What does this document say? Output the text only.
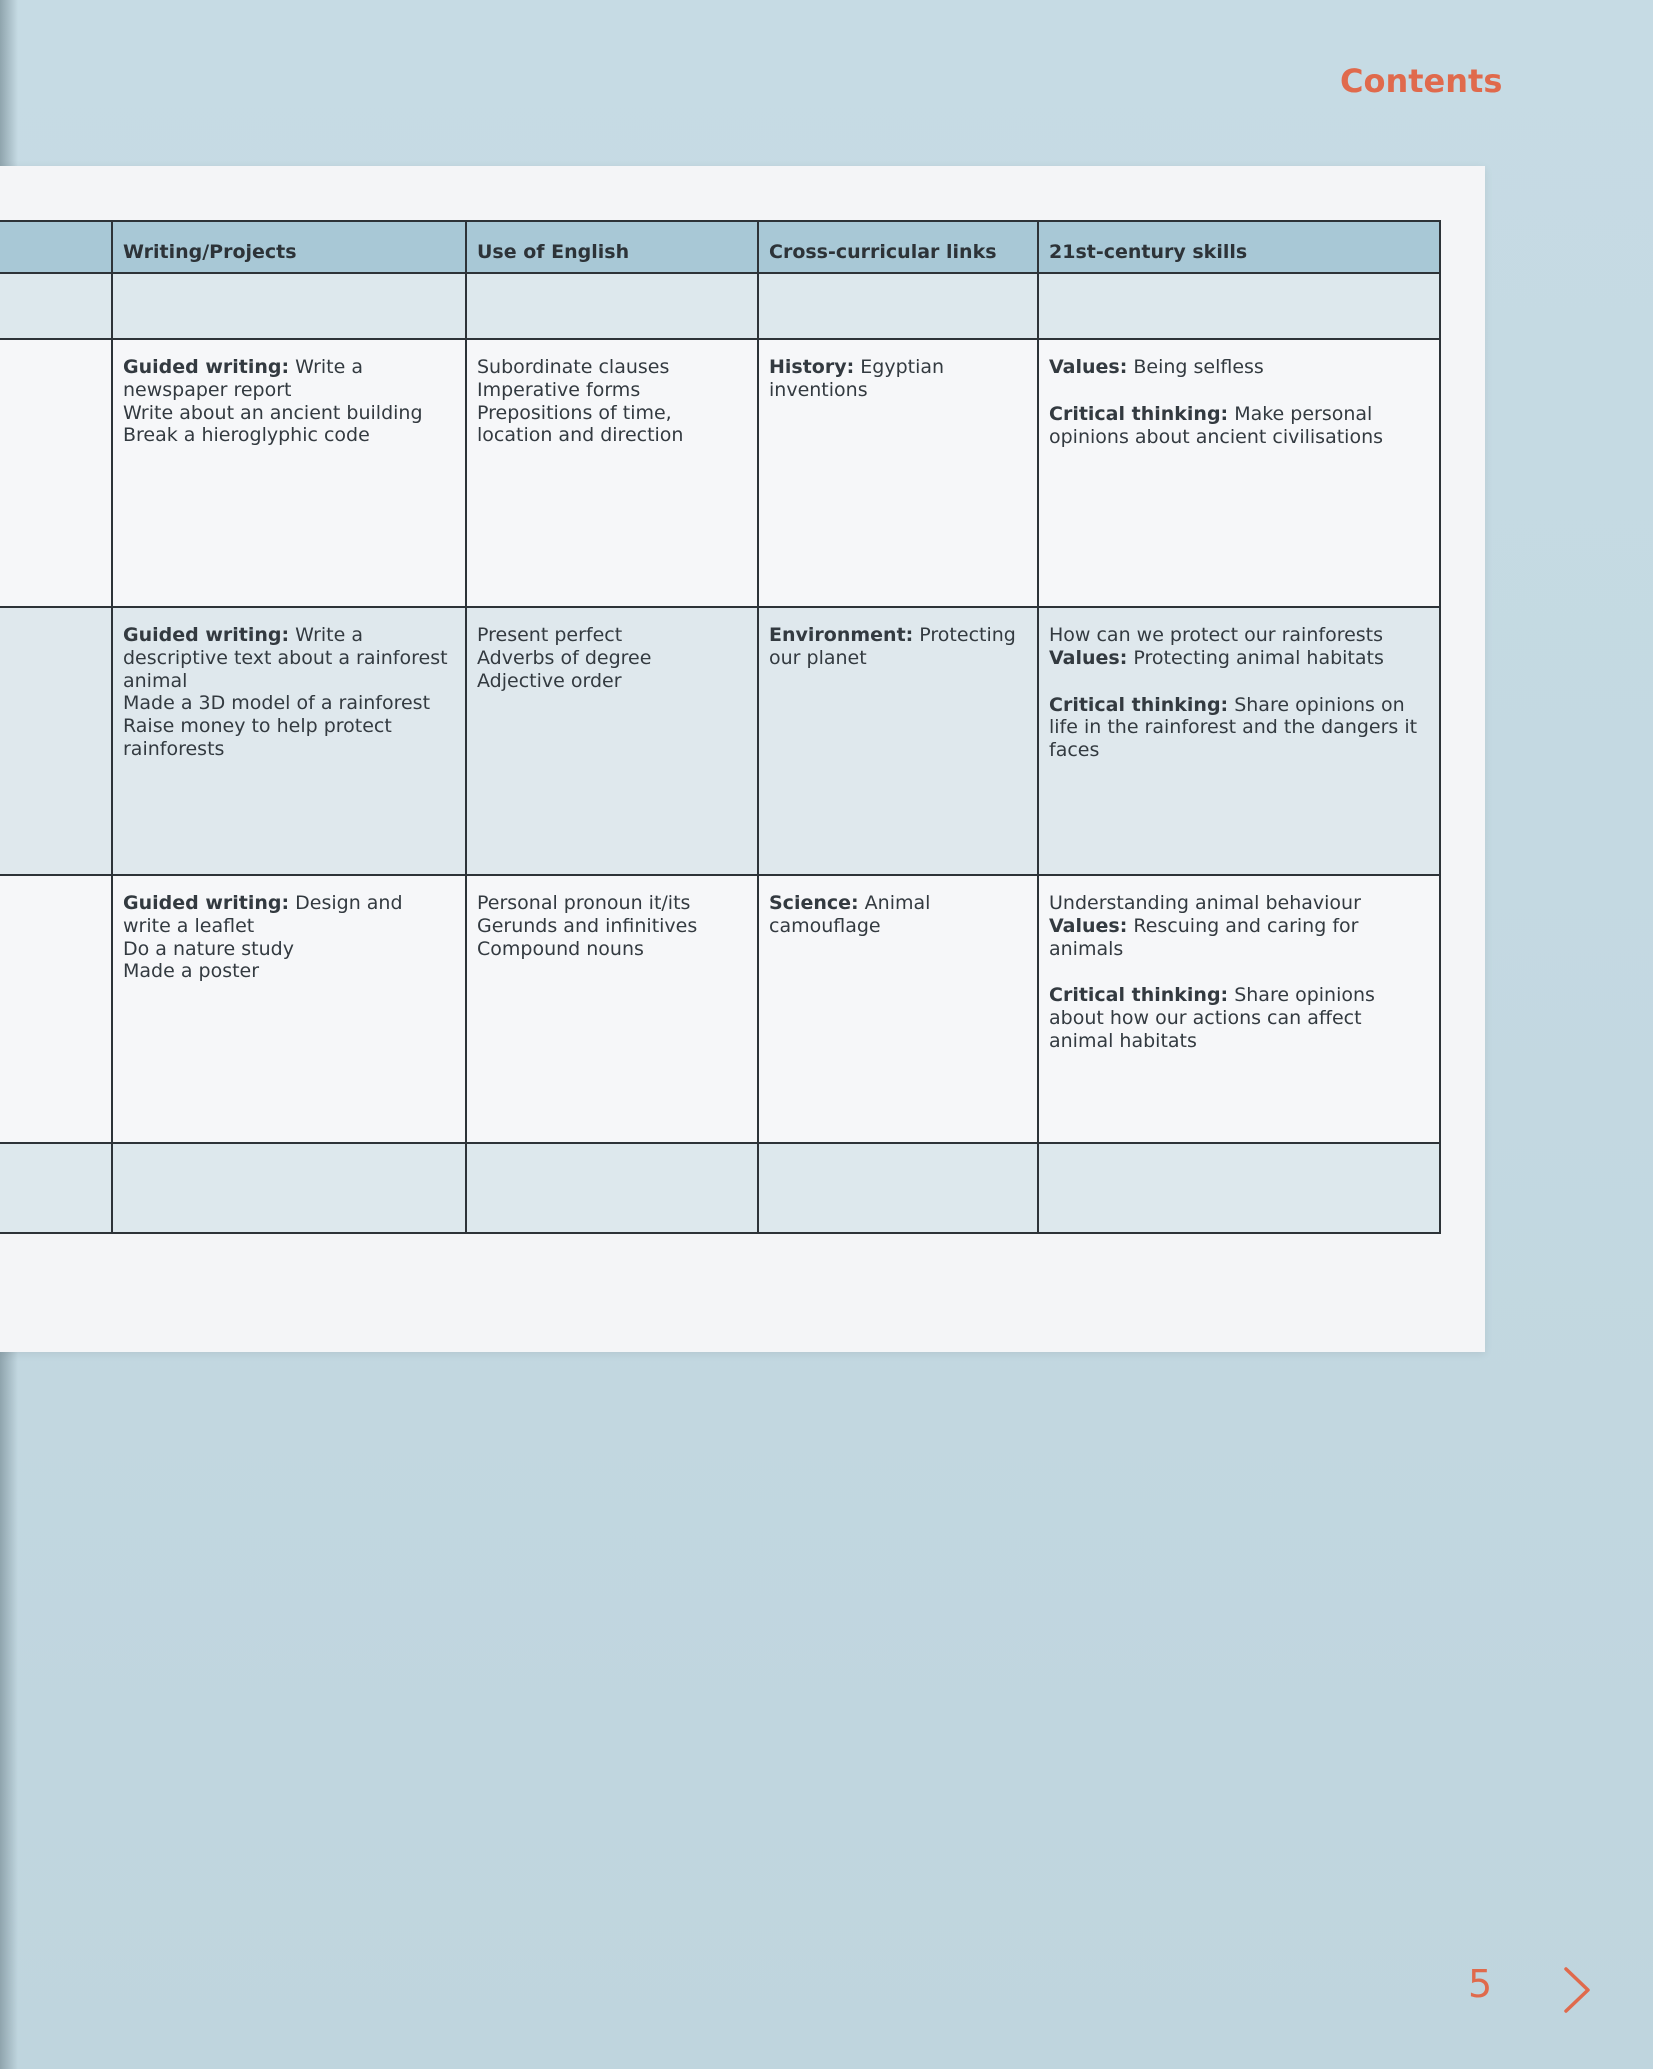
Contents
	Writing/Projects	Use of English	Cross-curricular links	21st-century skills

	Guided writing: Write a newspaper report
Write about an ancient building
Break a hieroglyphic code	Subordinate clauses
Imperative forms
Prepositions of time, location and direction	History: Egyptian inventions	Values: Being selfless
Critical thinking: Make personal opinions about ancient civilisations

	Guided writing: Write a descriptive text about a rainforest animal
Made a 3D model of a rainforest
Raise money to help protect rainforests	Present perfect
Adverbs of degree
Adjective order	Environment: Protecting our planet	How can we protect our rainforests
Values: Protecting animal habitats
Critical thinking: Share opinions on life in the rainforest and the dangers it faces

	Guided writing: Design and write a leaflet
Do a nature study
Made a poster	Personal pronoun it/its
Gerunds and infinitives
Compound nouns	Science: Animal camouflage	Understanding animal behaviour
Values: Rescuing and caring for animals
Critical thinking: Share opinions about how our actions can affect animal habitats

5
